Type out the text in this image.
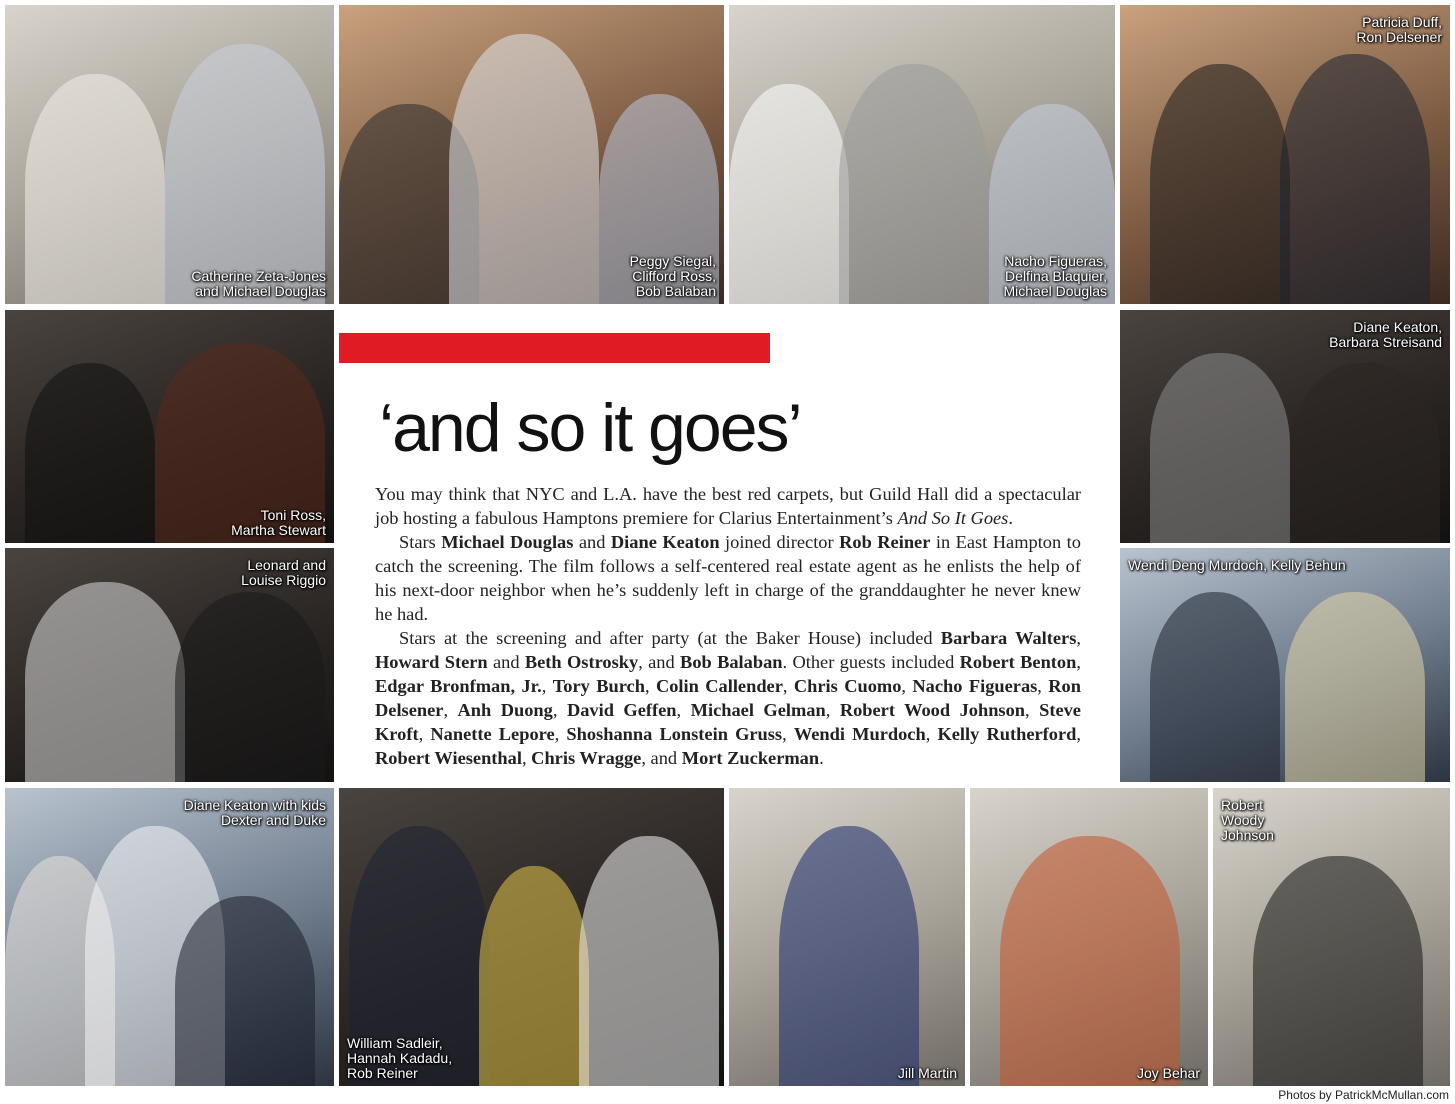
Catherine Zeta-Jones
and Michael Douglas
Peggy Siegal,
Clifford Ross,
Bob Balaban
Nacho Figueras,
Delfina Blaquier,
Michael Douglas
Patricia Duff,
Ron Delsener
Toni Ross,
Martha Stewart
‘and so it goes’

You may think that NYC and L.A. have the best red carpets, but Guild Hall did a spectacular job hosting a fabulous Hamptons premiere for Clarius Entertainment’s And So It Goes.

Stars Michael Douglas and Diane Keaton joined director Rob Reiner in East Hampton to catch the screening. The film follows a self-centered real estate agent as he enlists the help of his next-door neighbor when he’s suddenly left in charge of the granddaughter he never knew he had.

Stars at the screening and after party (at the Baker House) included Barbara Walters, Howard Stern and Beth Ostrosky, and Bob Balaban. Other guests included Robert Benton, Edgar Bronfman, Jr., Tory Burch, Colin Callender, Chris Cuomo, Nacho Figueras, Ron Delsener, Anh Duong, David Geffen, Michael Gelman, Robert Wood Johnson, Steve Kroft, Nanette Lepore, Shoshanna Lonstein Gruss, Wendi Murdoch, Kelly Rutherford, Robert Wiesenthal, Chris Wragge, and Mort Zuckerman.

Diane Keaton,
Barbara Streisand
Leonard and
Louise Riggio
Wendi Deng Murdoch, Kelly Behun
Diane Keaton with kids
Dexter and Duke
William Sadleir,
Hannah Kadadu,
Rob Reiner	Jill Martin	Joy Behar
Robert
Woody
Johnson
Photos by PatrickMcMullan.com
